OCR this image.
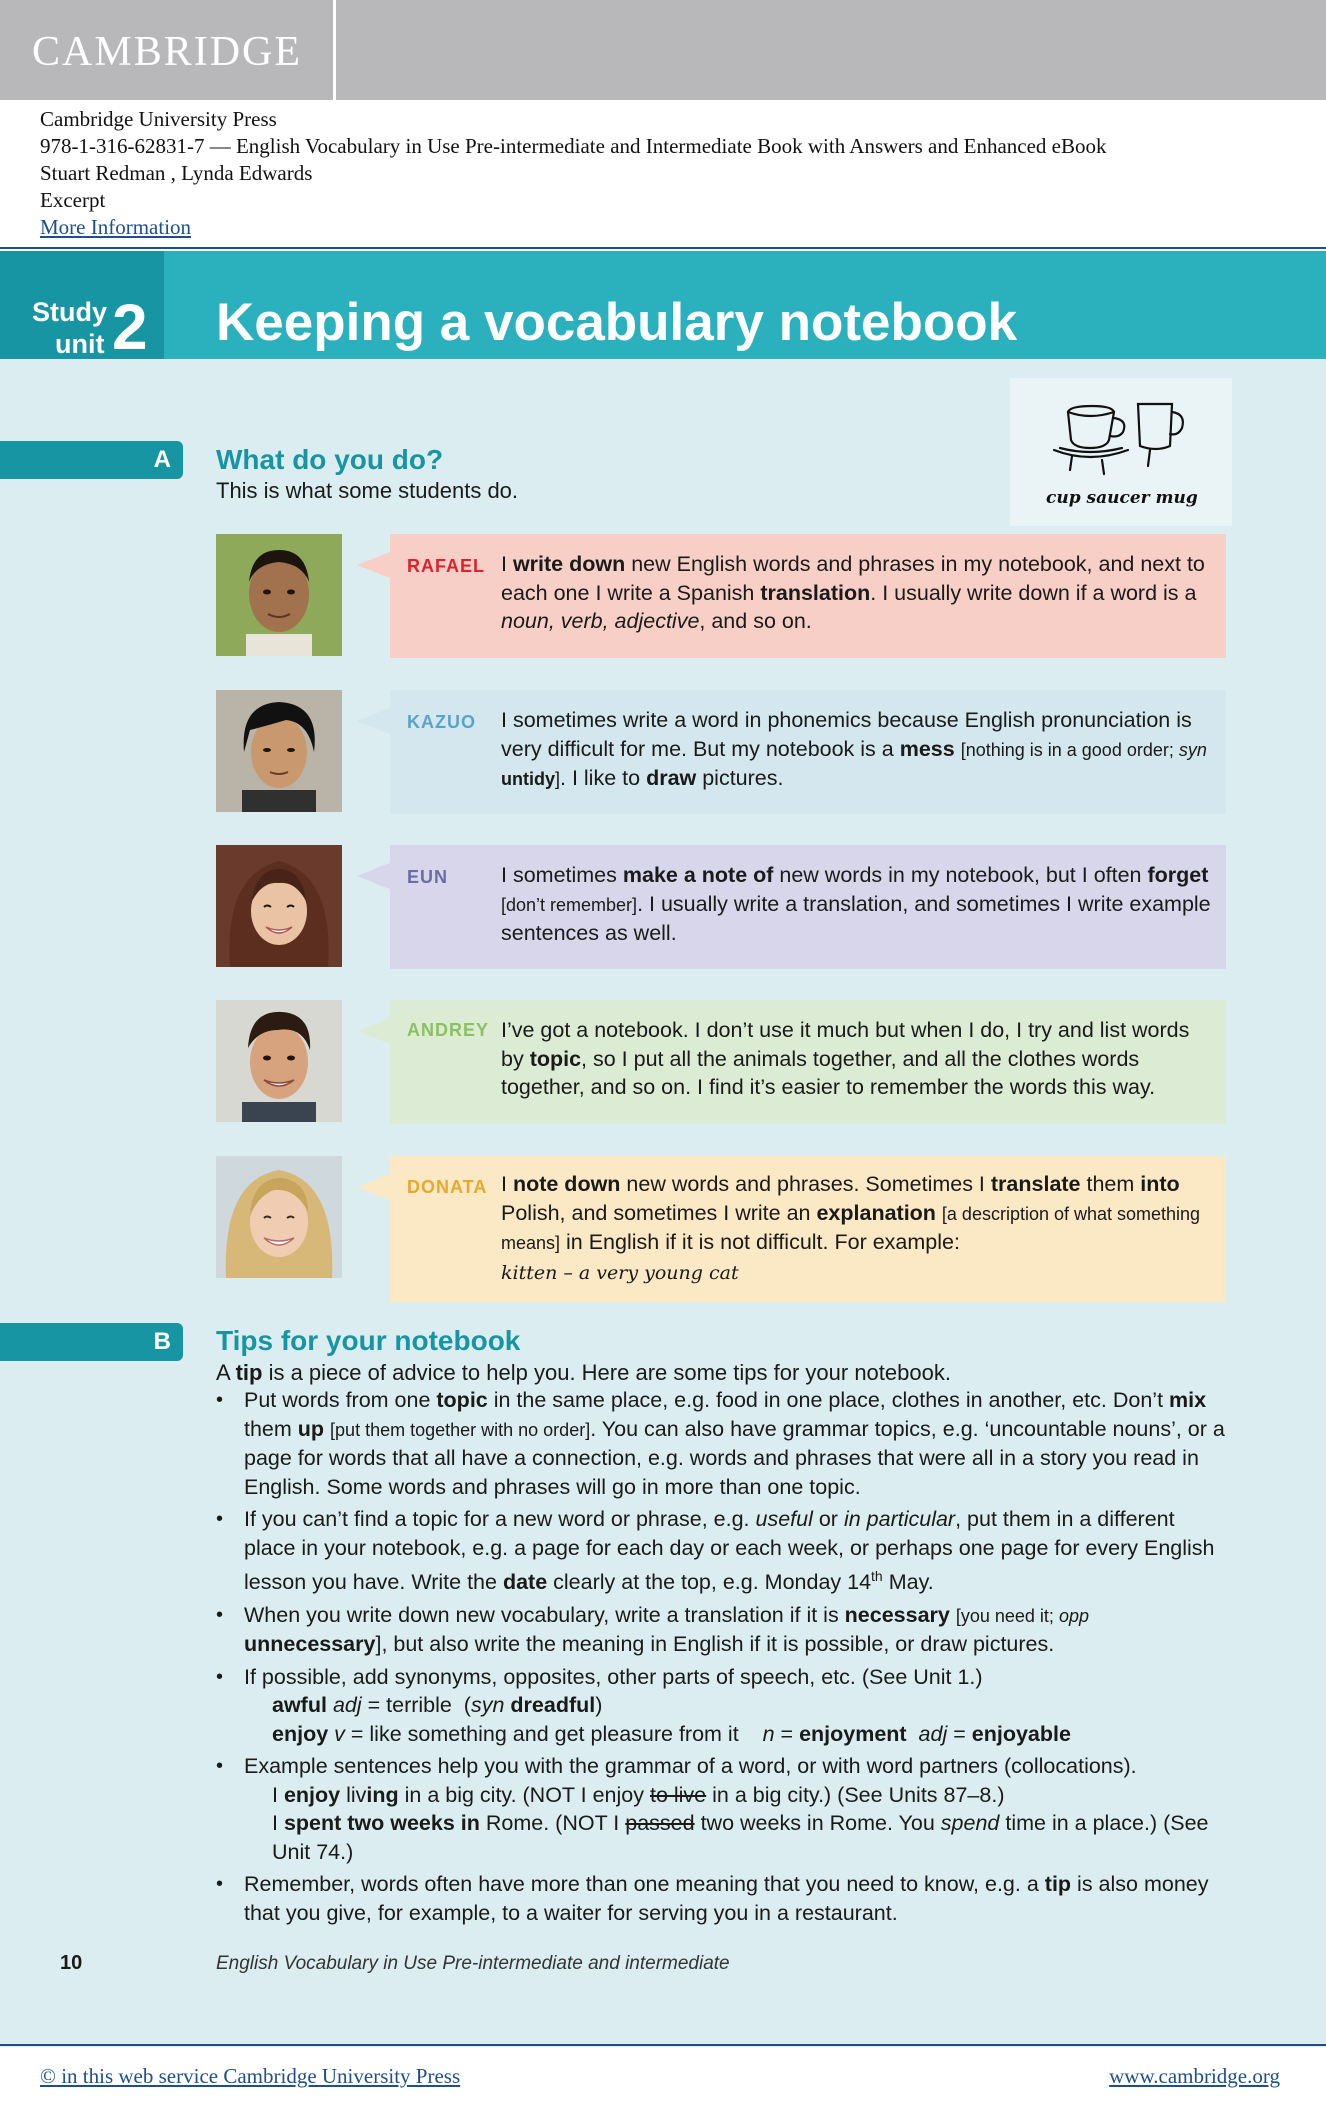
CAMBRIDGE
Cambridge University Press
978-1-316-62831-7 — English Vocabulary in Use Pre-intermediate and Intermediate Book with Answers and Enhanced eBook
Stuart Redman , Lynda Edwards
Excerpt
More Information
Study
unit 2 Keeping a vocabulary notebook
A What do you do?
This is what some students do.	cup saucer mug
RAFAEL I write down new English words and phrases in my notebook, and next to each one I write a Spanish translation. I usually write down if a word is a noun, verb, adjective, and so on.
KAZUO I sometimes write a word in phonemics because English pronunciation is very difficult for me. But my notebook is a mess [nothing is in a good order; syn untidy]. I like to draw pictures.
EUN I sometimes make a note of new words in my notebook, but I often forget [don’t remember]. I usually write a translation, and sometimes I write example sentences as well.
ANDREY I’ve got a notebook. I don’t use it much but when I do, I try and list words by topic, so I put all the animals together, and all the clothes words together, and so on. I find it’s easier to remember the words this way.
DONATA I note down new words and phrases. Sometimes I translate them into Polish, and sometimes I write an explanation [a description of what something means] in English if it is not difficult. For example:
kitten – a very young cat
B Tips for your notebook
A tip is a piece of advice to help you. Here are some tips for your notebook.
• Put words from one topic in the same place, e.g. food in one place, clothes in another, etc. Don’t mix them up [put them together with no order]. You can also have grammar topics, e.g. ‘uncountable nouns’, or a page for words that all have a connection, e.g. words and phrases that were all in a story you read in English. Some words and phrases will go in more than one topic.
• If you can’t find a topic for a new word or phrase, e.g. useful or in particular, put them in a different place in your notebook, e.g. a page for each day or each week, or perhaps one page for every English lesson you have. Write the date clearly at the top, e.g. Monday 14th May.
• When you write down new vocabulary, write a translation if it is necessary [you need it; opp unnecessary], but also write the meaning in English if it is possible, or draw pictures.
• If possible, add synonyms, opposites, other parts of speech, etc. (See Unit 1.)
awful adj = terrible  (syn dreadful)
enjoy v = like something and get pleasure from it    n = enjoyment adj = enjoyable
• Example sentences help you with the grammar of a word, or with word partners (collocations).
I enjoy living in a big city. (NOT I enjoy to live in a big city.) (See Units 87–8.)
I spent two weeks in Rome. (NOT I passed two weeks in Rome. You spend time in a place.) (See Unit 74.)
• Remember, words often have more than one meaning that you need to know, e.g. a tip is also money that you give, for example, to a waiter for serving you in a restaurant.
10	English Vocabulary in Use Pre-intermediate and intermediate
© in this web service Cambridge University Press	www.cambridge.org
